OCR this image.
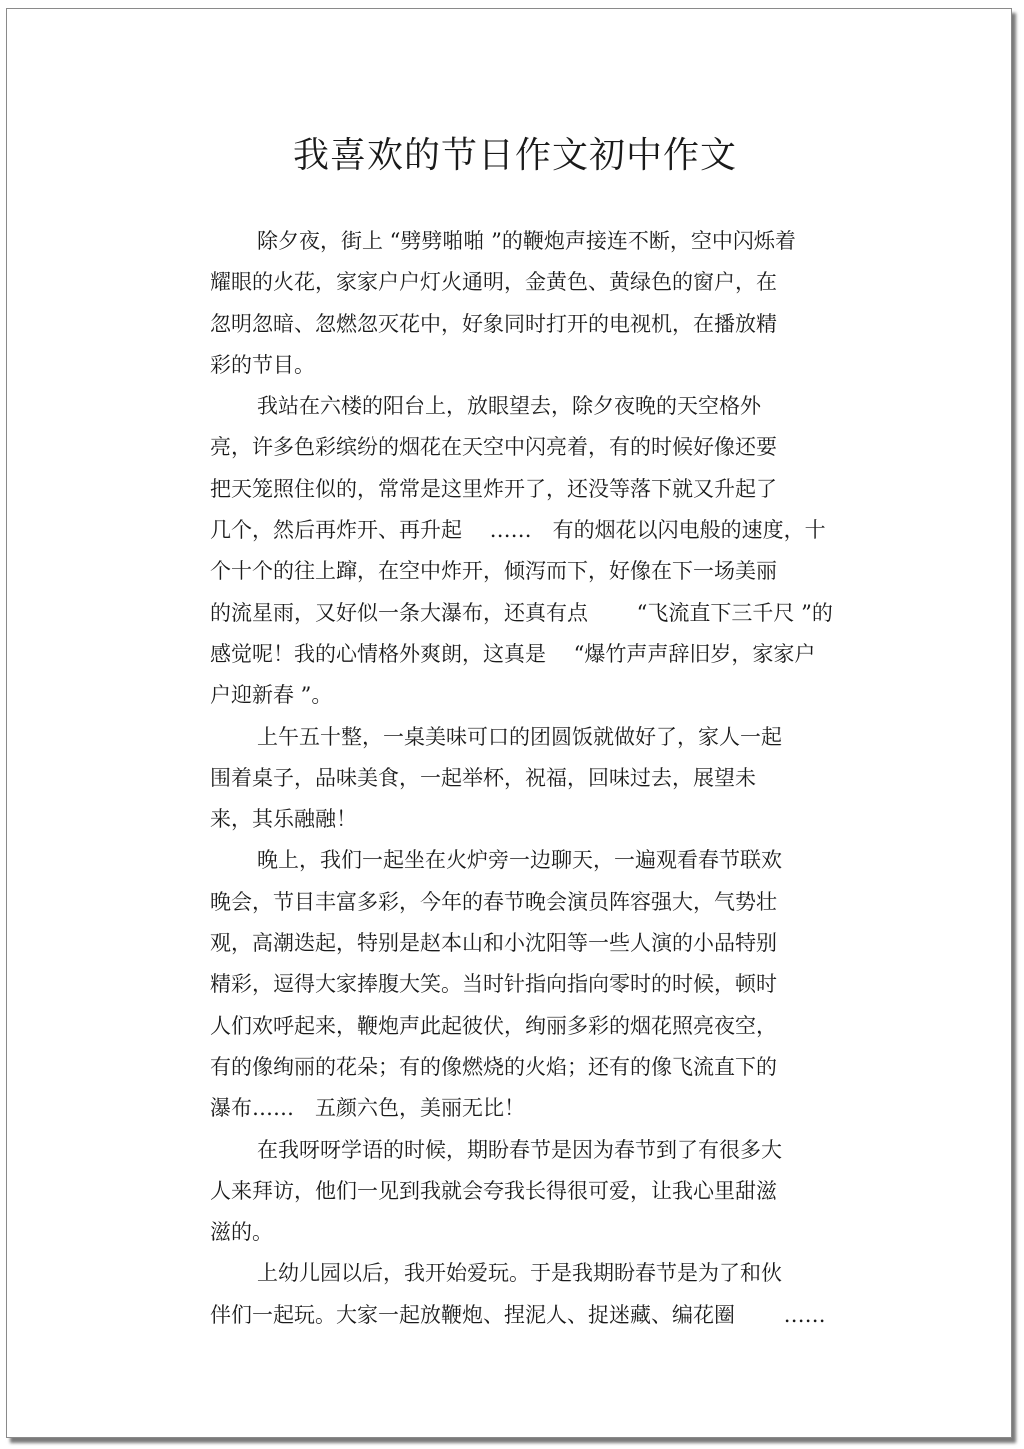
我喜欢的节日作文初中作文

除夕夜，街上 “劈劈啪啪 ”的鞭炮声接连不断，空中闪烁着
耀眼的火花，家家户户灯火通明，金黄色、黄绿色的窗户，在
忽明忽暗、忽燃忽灭花中，好象同时打开的电视机，在播放精
彩的节目。

我站在六楼的阳台上，放眼望去，除夕夜晚的天空格外
亮，许多色彩缤纷的烟花在天空中闪亮着，有的时候好像还要
把天笼照住似的，常常是这里炸开了，还没等落下就又升起了
几个，然后再炸开、再升起 　……　有的烟花以闪电般的速度，十
个十个的往上蹿，在空中炸开，倾泻而下，好像在下一场美丽
的流星雨，又好似一条大瀑布，还真有点 　　“飞流直下三千尺 ”的
感觉呢！我的心情格外爽朗，这真是 　“爆竹声声辞旧岁，家家户
户迎新春 ”。

上午五十整，一桌美味可口的团圆饭就做好了，家人一起
围着桌子，品味美食，一起举杯，祝福，回味过去，展望未
来，其乐融融！

晚上，我们一起坐在火炉旁一边聊天，一遍观看春节联欢
晚会，节目丰富多彩，今年的春节晚会演员阵容强大，气势壮
观，高潮迭起，特别是赵本山和小沈阳等一些人演的小品特别
精彩，逗得大家捧腹大笑。当时针指向指向零时的时候，顿时
人们欢呼起来，鞭炮声此起彼伏，绚丽多彩的烟花照亮夜空，
有的像绚丽的花朵；有的像燃烧的火焰；还有的像飞流直下的
瀑布……　五颜六色，美丽无比！

在我呀呀学语的时候，期盼春节是因为春节到了有很多大
人来拜访，他们一见到我就会夸我长得很可爱，让我心里甜滋
滋的。

上幼儿园以后，我开始爱玩。于是我期盼春节是为了和伙
伴们一起玩。大家一起放鞭炮、捏泥人、捉迷藏、编花圈 　　……
